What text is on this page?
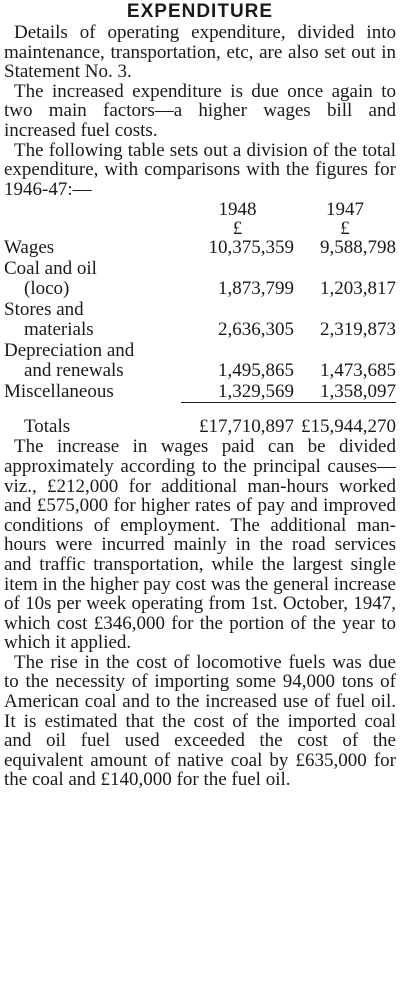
EXPENDITURE

Details of operating expenditure, divided into maintenance, transportation, etc, are also set out in Statement No. 3.

The increased expenditure is due once again to two main factors—a higher wages bill and increased fuel costs.

The following table sets out a division of the total expenditure, with comparisons with the figures for 1946-47:—

	1948	1947
	£	£
Wages	10,375,359	9,588,798
Coal and oil		
(loco)	1,873,799	1,203,817
Stores and		
materials	2,636,305	2,319,873
Depreciation and		
and renewals	1,495,865	1,473,685
Miscellaneous	1,329,569	1,358,097

Totals	£17,710,897	£15,944,270

The increase in wages paid can be divided approximately according to the principal causes—viz., £212,000 for additional man-hours worked and £575,000 for higher rates of pay and improved conditions of employment. The additional man-hours were incurred mainly in the road services and traffic transportation, while the largest single item in the higher pay cost was the general increase of 10s per week operating from 1st. October, 1947, which cost £346,000 for the portion of the year to which it applied.

The rise in the cost of locomotive fuels was due to the necessity of importing some 94,000 tons of American coal and to the increased use of fuel oil. It is estimated that the cost of the imported coal and oil fuel used exceeded the cost of the equivalent amount of native coal by £635,000 for the coal and £140,000 for the fuel oil.
